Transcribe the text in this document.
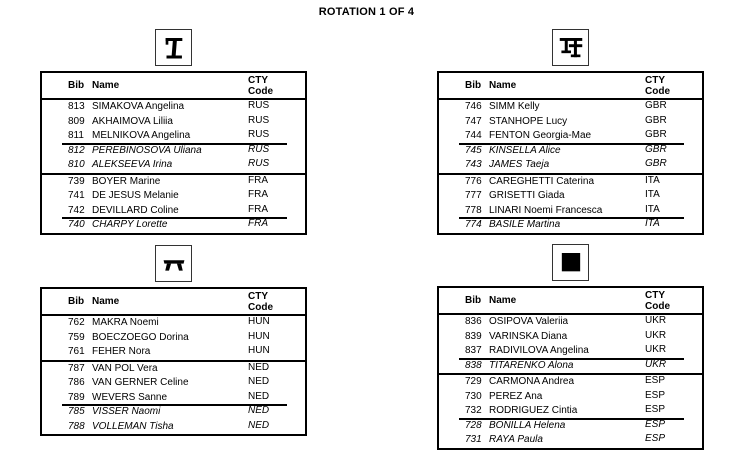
ROTATION 1 OF 4
Bib Name	CTY
Code
813 SIMAKOVA Angelina	RUS
809 AKHAIMOVA Liliia	RUS
811 MELNIKOVA Angelina	RUS
812 PEREBINOSOVA Uliana	RUS
810 ALEKSEEVA Irina	RUS
739 BOYER Marine	FRA
741 DE JESUS Melanie	FRA
742 DEVILLARD Coline	FRA
740 CHARPY Lorette	FRA
Bib Name	CTY
Code
746 SIMM Kelly	GBR
747 STANHOPE Lucy	GBR
744 FENTON Georgia-Mae	GBR
745 KINSELLA Alice	GBR
743 JAMES Taeja	GBR
776 CAREGHETTI Caterina	ITA
777 GRISETTI Giada	ITA
778 LINARI Noemi Francesca	ITA
774 BASILE Martina	ITA
Bib Name	CTY
Code
762 MAKRA Noemi	HUN
759 BOECZOEGO Dorina	HUN
761 FEHER Nora	HUN
787 VAN POL Vera	NED
786 VAN GERNER Celine	NED
789 WEVERS Sanne	NED
785 VISSER Naomi	NED
788 VOLLEMAN Tisha	NED
Bib Name	CTY
Code
836 OSIPOVA Valeriia	UKR
839 VARINSKA Diana	UKR
837 RADIVILOVA Angelina	UKR
838 TITARENKO Alona	UKR
729 CARMONA Andrea	ESP
730 PEREZ Ana	ESP
732 RODRIGUEZ Cintia	ESP
728 BONILLA Helena	ESP
731 RAYA Paula	ESP
